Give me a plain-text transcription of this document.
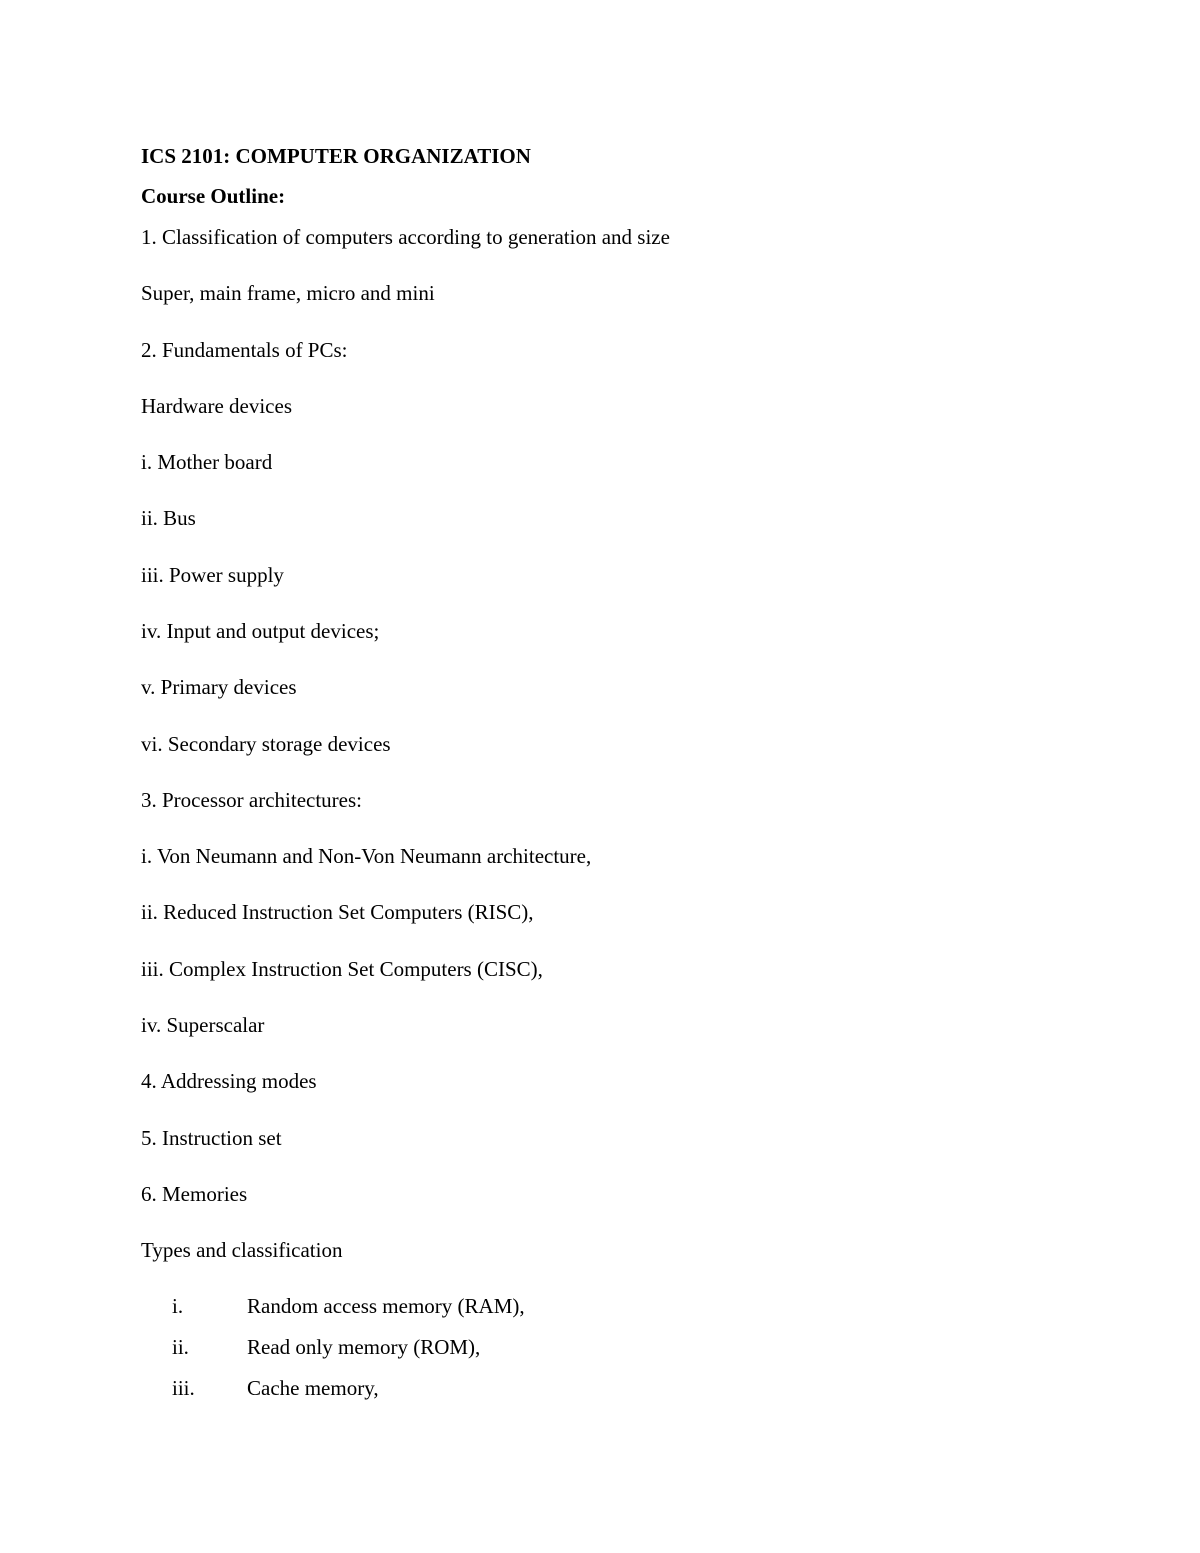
ICS 2101: COMPUTER ORGANIZATION
Course Outline:
1. Classification of computers according to generation and size
Super, main frame, micro and mini
2. Fundamentals of PCs:
Hardware devices
i. Mother board
ii. Bus
iii. Power supply
iv. Input and output devices;
v. Primary devices
vi. Secondary storage devices
3. Processor architectures:
i. Von Neumann and Non-Von Neumann architecture,
ii. Reduced Instruction Set Computers (RISC),
iii. Complex Instruction Set Computers (CISC),
iv. Superscalar
4. Addressing modes
5. Instruction set
6. Memories
Types and classification
i.	Random access memory (RAM),
ii.	Read only memory (ROM),
iii. Cache memory,
